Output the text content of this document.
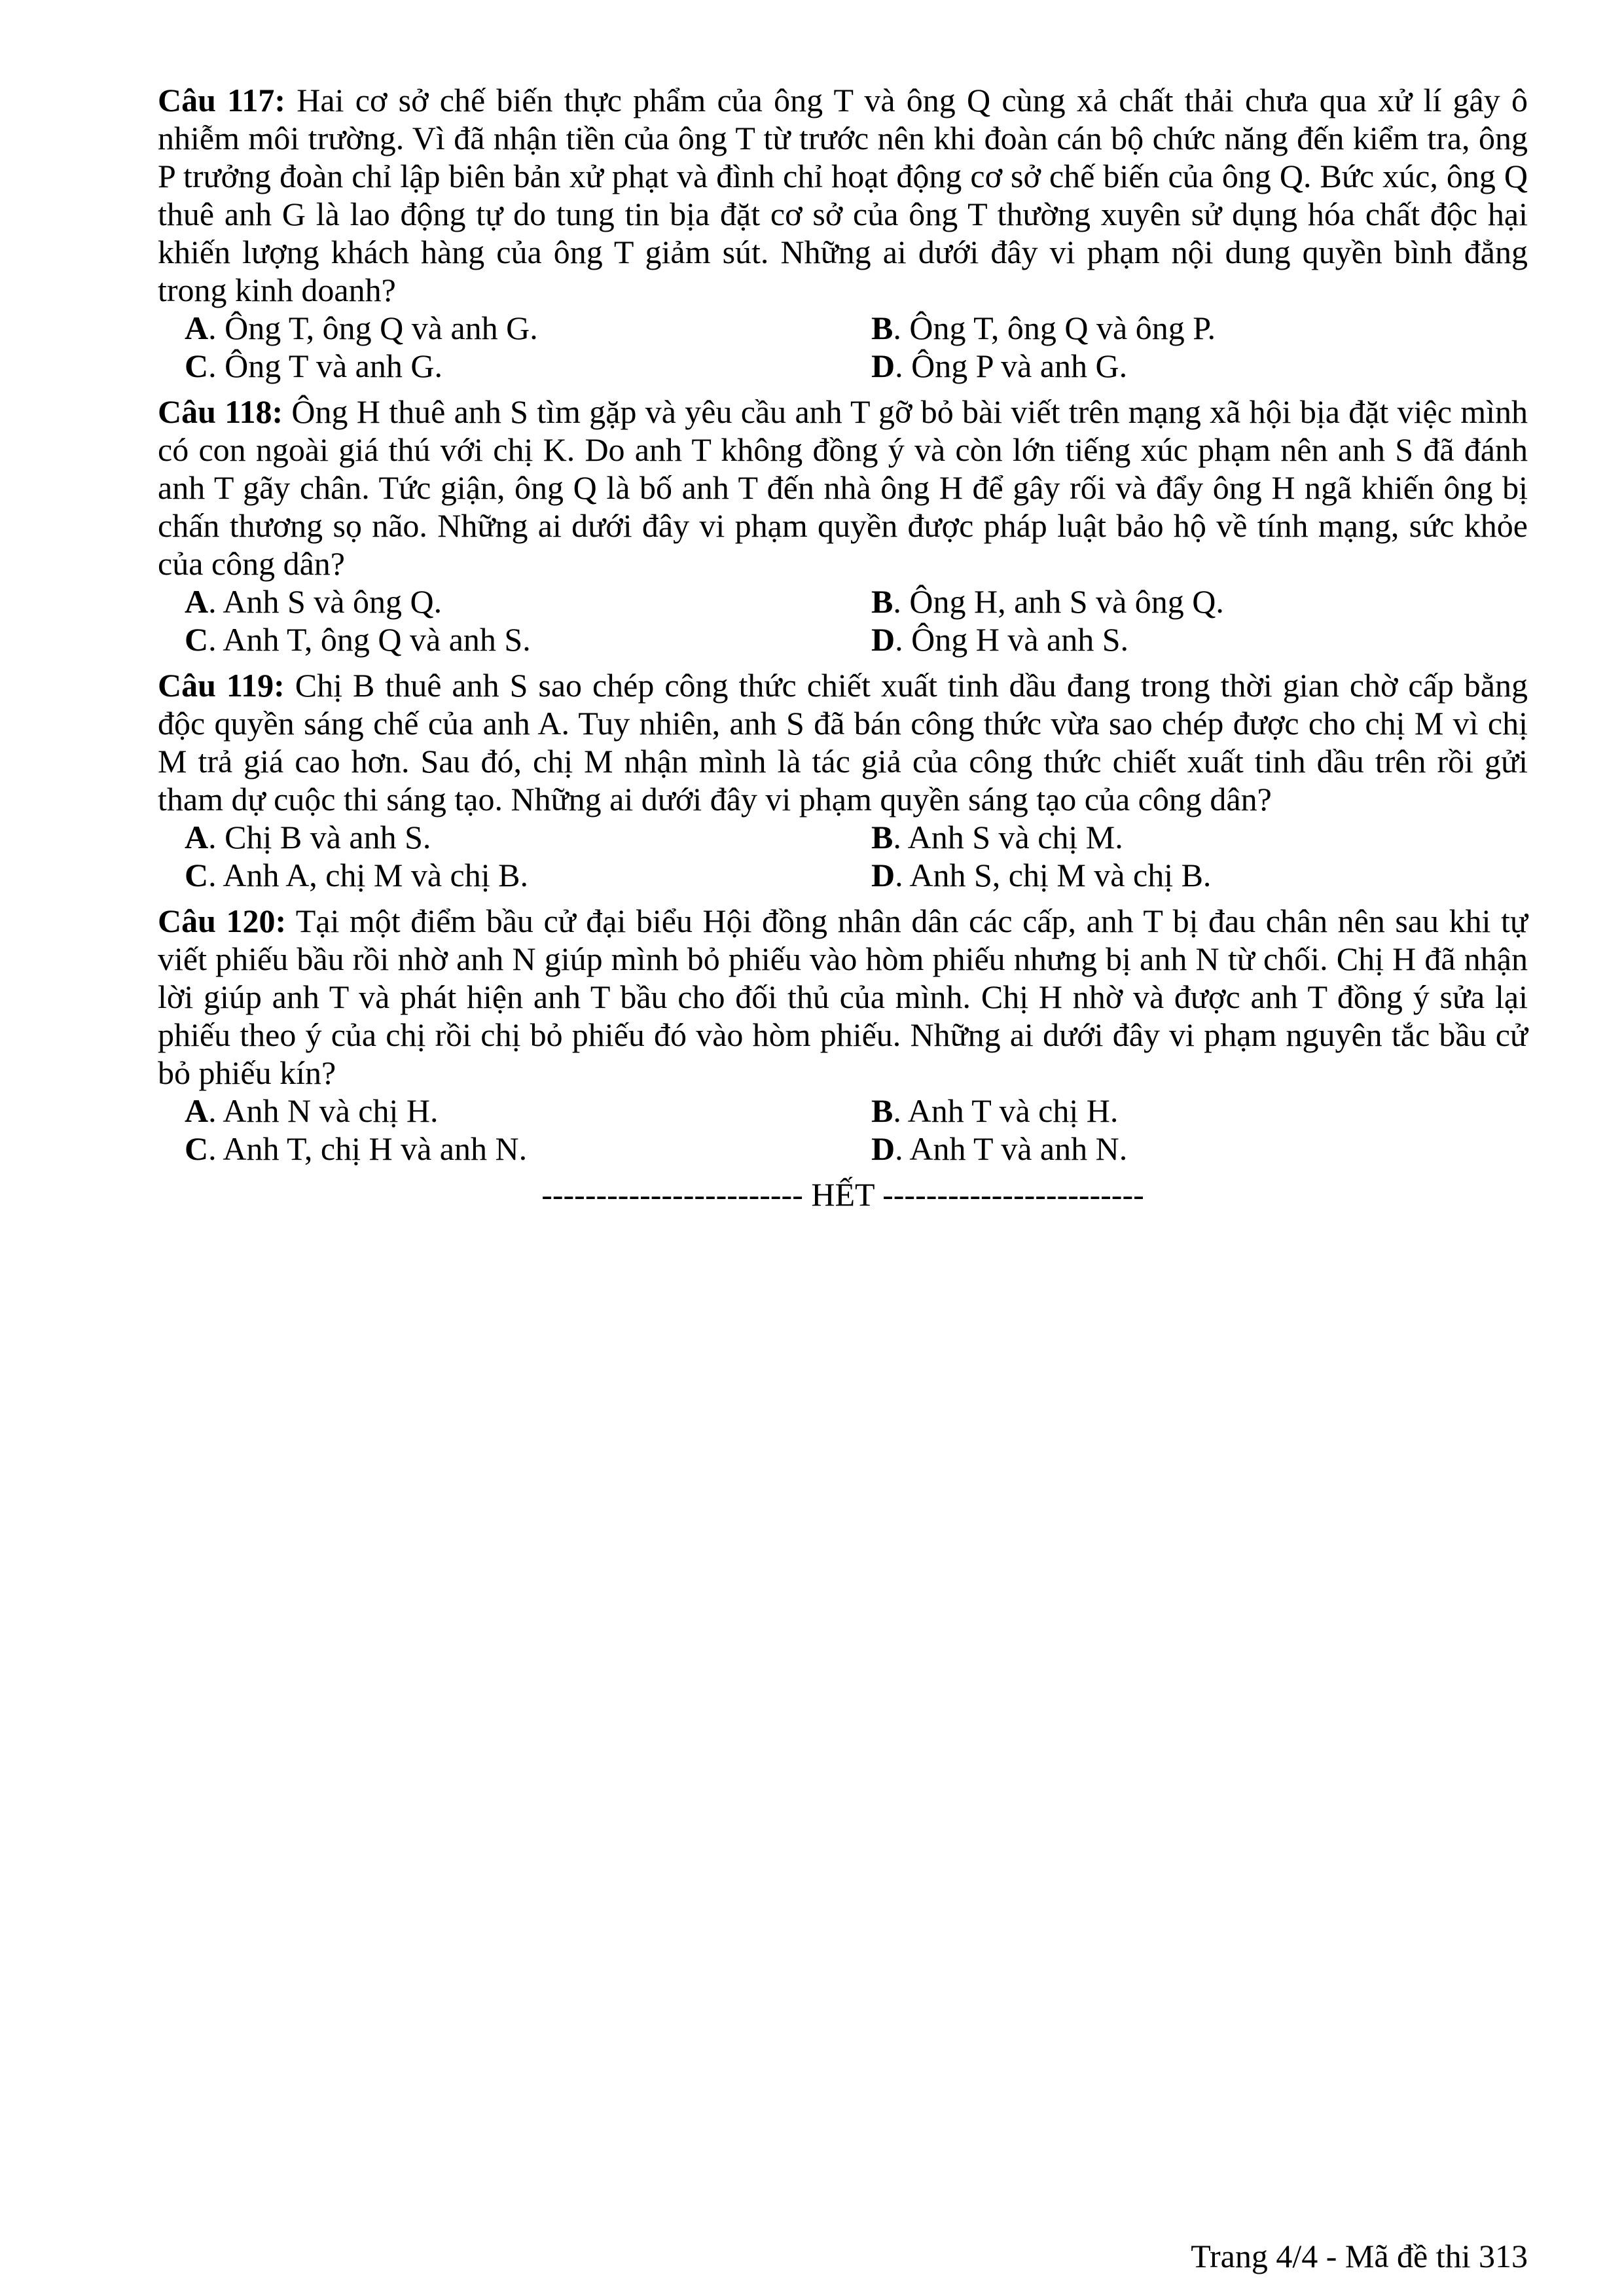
Câu 117: Hai cơ sở chế biến thực phẩm của ông T và ông Q cùng xả chất thải chưa qua xử lí gây ô nhiễm môi trường. Vì đã nhận tiền của ông T từ trước nên khi đoàn cán bộ chức năng đến kiểm tra, ông P trưởng đoàn chỉ lập biên bản xử phạt và đình chỉ hoạt động cơ sở chế biến của ông Q. Bức xúc, ông Q thuê anh G là lao động tự do tung tin bịa đặt cơ sở của ông T thường xuyên sử dụng hóa chất độc hại khiến lượng khách hàng của ông T giảm sút. Những ai dưới đây vi phạm nội dung quyền bình đẳng trong kinh doanh?
A. Ông T, ông Q và anh G.	B. Ông T, ông Q và ông P.
C. Ông T và anh G.	D. Ông P và anh G.
Câu 118: Ông H thuê anh S tìm gặp và yêu cầu anh T gỡ bỏ bài viết trên mạng xã hội bịa đặt việc mình có con ngoài giá thú với chị K. Do anh T không đồng ý và còn lớn tiếng xúc phạm nên anh S đã đánh anh T gãy chân. Tức giận, ông Q là bố anh T đến nhà ông H để gây rối và đẩy ông H ngã khiến ông bị chấn thương sọ não. Những ai dưới đây vi phạm quyền được pháp luật bảo hộ về tính mạng, sức khỏe của công dân?
A. Anh S và ông Q.	B. Ông H, anh S và ông Q.
C. Anh T, ông Q và anh S.	D. Ông H và anh S.
Câu 119: Chị B thuê anh S sao chép công thức chiết xuất tinh dầu đang trong thời gian chờ cấp bằng độc quyền sáng chế của anh A. Tuy nhiên, anh S đã bán công thức vừa sao chép được cho chị M vì chị M trả giá cao hơn. Sau đó, chị M nhận mình là tác giả của công thức chiết xuất tinh dầu trên rồi gửi tham dự cuộc thi sáng tạo. Những ai dưới đây vi phạm quyền sáng tạo của công dân?
A. Chị B và anh S.	B. Anh S và chị M.
C. Anh A, chị M và chị B.	D. Anh S, chị M và chị B.
Câu 120: Tại một điểm bầu cử đại biểu Hội đồng nhân dân các cấp, anh T bị đau chân nên sau khi tự viết phiếu bầu rồi nhờ anh N giúp mình bỏ phiếu vào hòm phiếu nhưng bị anh N từ chối. Chị H đã nhận lời giúp anh T và phát hiện anh T bầu cho đối thủ của mình. Chị H nhờ và được anh T đồng ý sửa lại phiếu theo ý của chị rồi chị bỏ phiếu đó vào hòm phiếu. Những ai dưới đây vi phạm nguyên tắc bầu cử bỏ phiếu kín?
A. Anh N và chị H.	B. Anh T và chị H.
C. Anh T, chị H và anh N.	D. Anh T và anh N.
------------------------ HẾT ------------------------
Trang 4/4 - Mã đề thi 313
